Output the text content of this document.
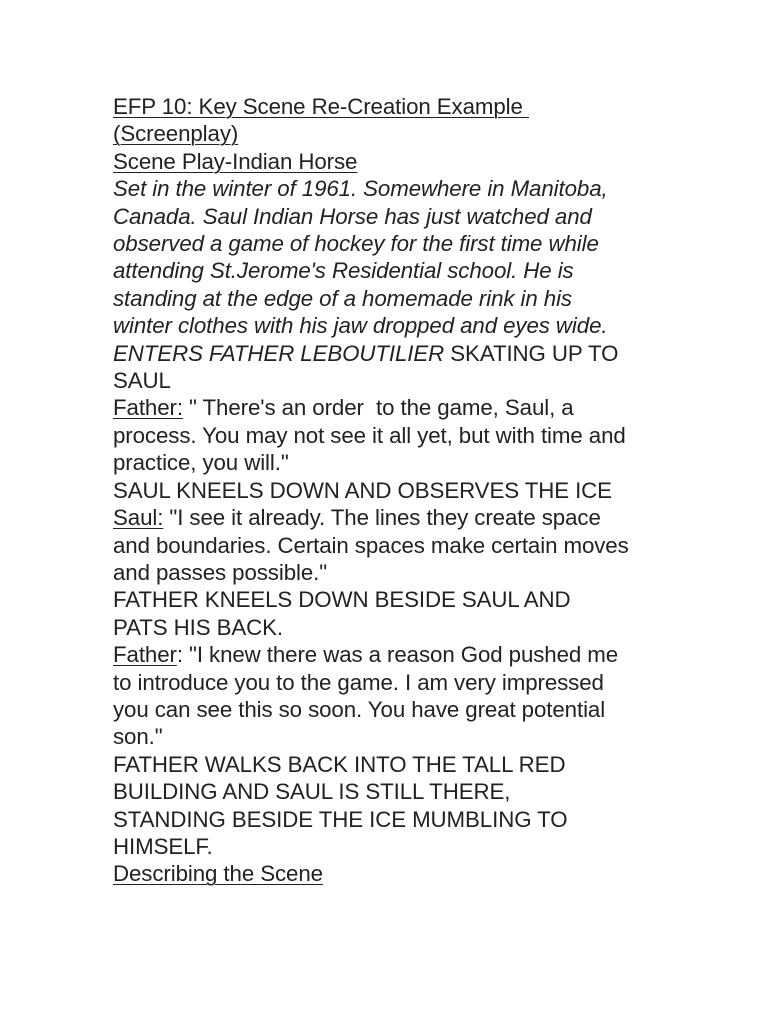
EFP 10: Key Scene Re-Creation Example
(Screenplay)
Scene Play-Indian Horse
Set in the winter of 1961. Somewhere in Manitoba,
Canada. Saul Indian Horse has just watched and
observed a game of hockey for the first time while
attending St.Jerome's Residential school. He is
standing at the edge of a homemade rink in his
winter clothes with his jaw dropped and eyes wide.
ENTERS FATHER LEBOUTILIER SKATING UP TO
SAUL
Father: " There's an order  to the game, Saul, a
process. You may not see it all yet, but with time and
practice, you will."
SAUL KNEELS DOWN AND OBSERVES THE ICE
Saul: "I see it already. The lines they create space
and boundaries. Certain spaces make certain moves
and passes possible."
FATHER KNEELS DOWN BESIDE SAUL AND
PATS HIS BACK.
Father: "I knew there was a reason God pushed me
to introduce you to the game. I am very impressed
you can see this so soon. You have great potential
son."
FATHER WALKS BACK INTO THE TALL RED
BUILDING AND SAUL IS STILL THERE,
STANDING BESIDE THE ICE MUMBLING TO
HIMSELF.
Describing the Scene
